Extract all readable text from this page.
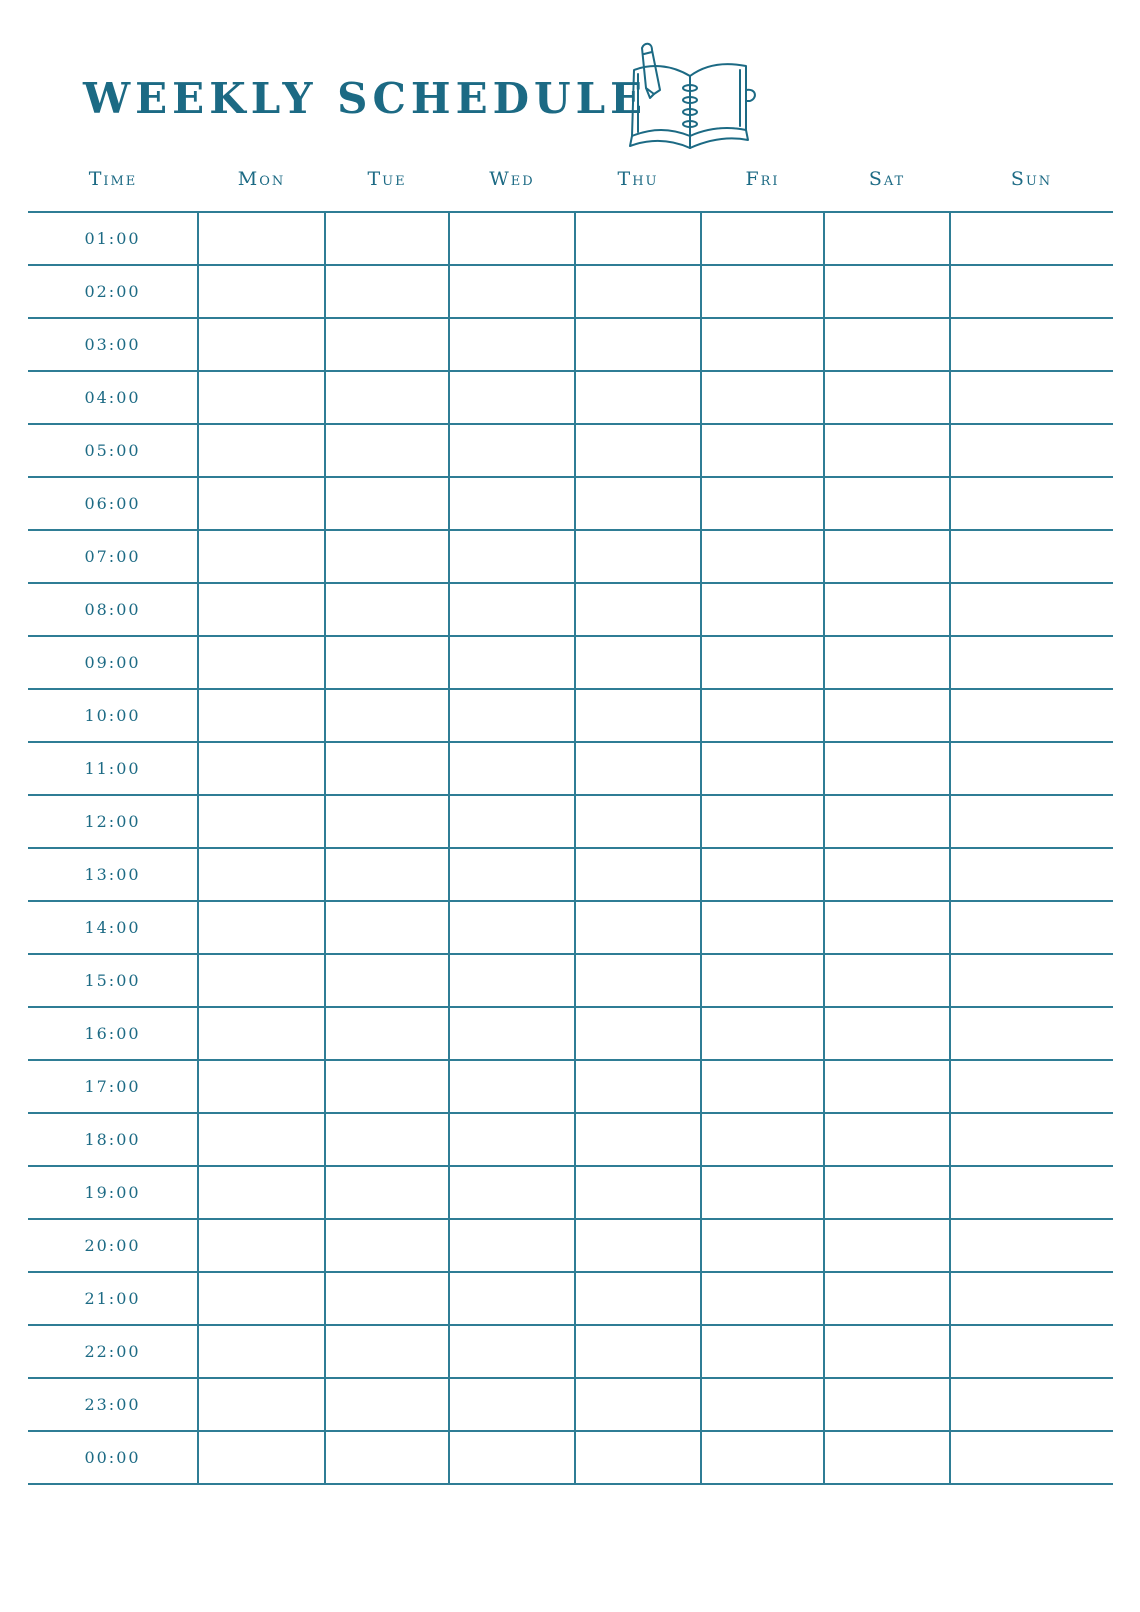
WEEKLY SCHEDULE
Time	Mon	Tue	Wed	Thu	Fri	Sat	Sun
01:00							
02:00							
03:00							
04:00							
05:00							
06:00							
07:00							
08:00							
09:00							
10:00							
11:00							
12:00							
13:00							
14:00							
15:00							
16:00							
17:00							
18:00							
19:00							
20:00							
21:00							
22:00							
23:00							
00:00							
